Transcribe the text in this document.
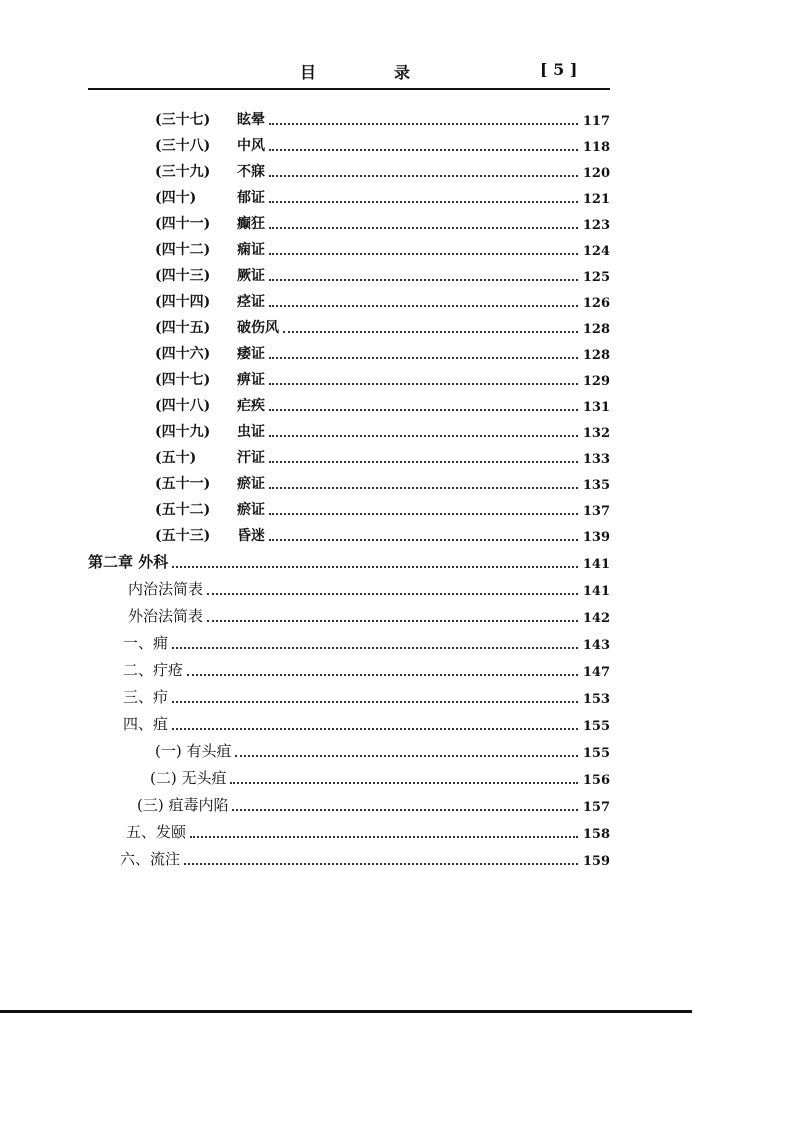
目	录	[ 5 ]
(三十七) 眩晕	117
(三十八) 中风	118
(三十九) 不寐	120
(四十)	郁证	121
(四十一) 癫狂	123
(四十二) 痫证	124
(四十三) 厥证	125
(四十四) 痉证	126
(四十五) 破伤风	128
(四十六) 痿证	128
(四十七) 痹证	129
(四十八) 疟疾	131
(四十九) 虫证	132
(五十)	汗证	133
(五十一) 瘀证	135
(五十二) 瘀证	137
(五十三) 昏迷	139
第二章 外科	141
内治法简表	141
外治法简表	142
一、痈	143
二、疔疮	147
三、疖	153
四、疽	155
(一) 有头疽	155
(二) 无头疽	156
(三) 疽毒内陷	157
五、发颐	158
六、流注	159
